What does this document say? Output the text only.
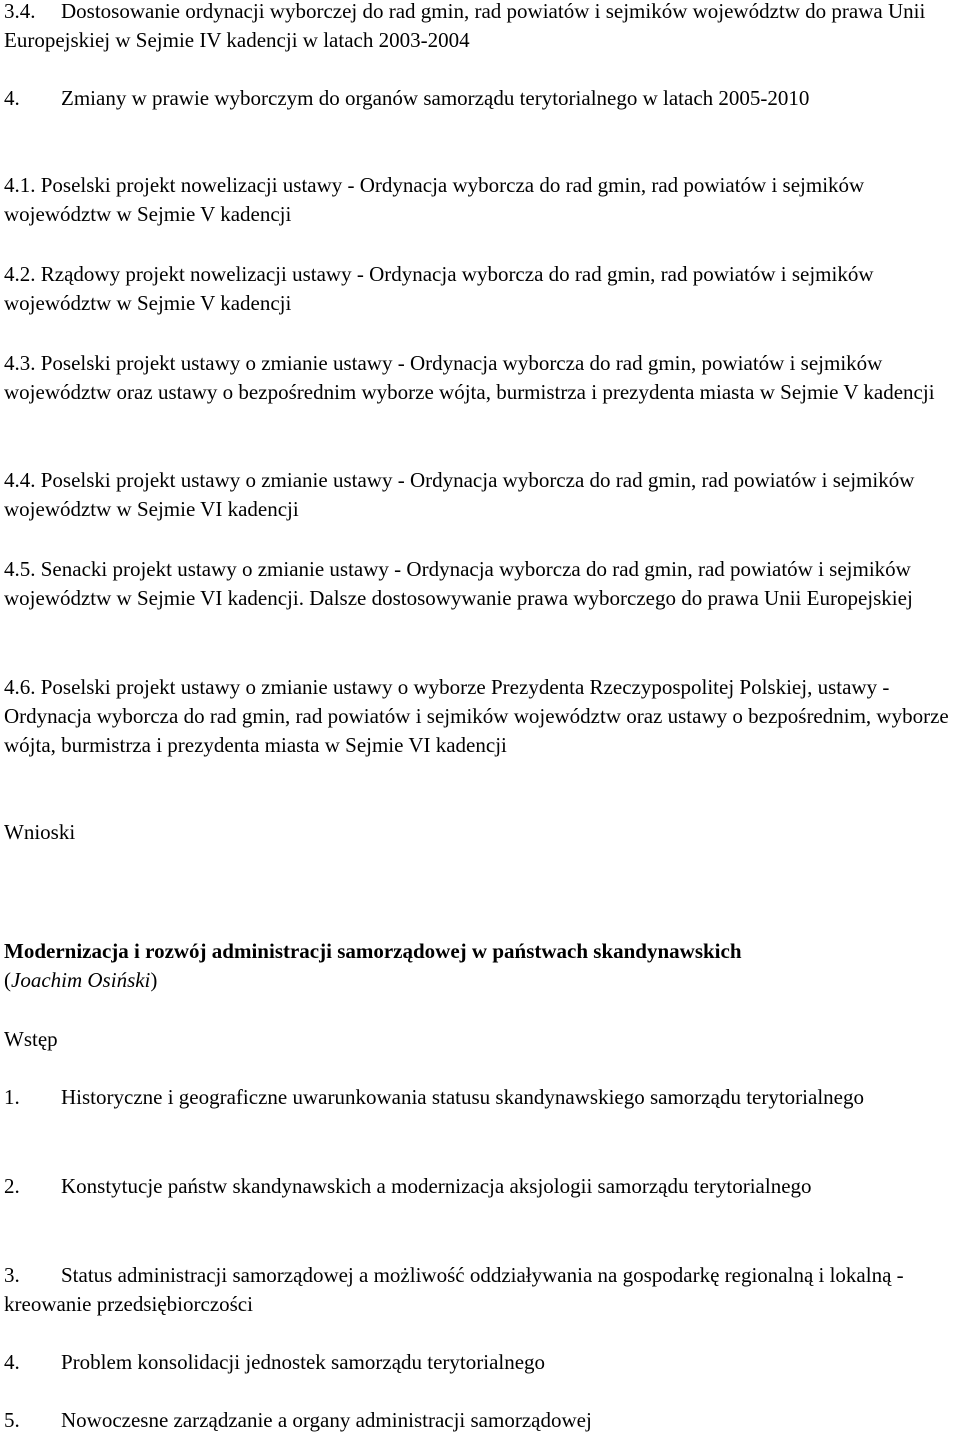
3.4. Dostosowanie ordynacji wyborczej do rad gmin, rad powiatów i sejmików województw do prawa Unii Europejskiej w Sejmie IV kadencji w latach 2003-2004

4. Zmiany w prawie wyborczym do organów samorządu terytorialnego w latach 2005-2010

4.1. Poselski projekt nowelizacji ustawy - Ordynacja wyborcza do rad gmin, rad powiatów i sejmików województw w Sejmie V kadencji

4.2. Rządowy projekt nowelizacji ustawy - Ordynacja wyborcza do rad gmin, rad powiatów i sejmików województw w Sejmie V kadencji

4.3. Poselski projekt ustawy o zmianie ustawy - Ordynacja wyborcza do rad gmin, powiatów i sejmików województw oraz ustawy o bezpośrednim wyborze wójta, burmistrza i prezydenta miasta w Sejmie V kadencji

4.4. Poselski projekt ustawy o zmianie ustawy - Ordynacja wyborcza do rad gmin, rad powiatów i sejmików województw w Sejmie VI kadencji

4.5. Senacki projekt ustawy o zmianie ustawy - Ordynacja wyborcza do rad gmin, rad powiatów i sejmików województw w Sejmie VI kadencji. Dalsze dostosowywanie prawa wyborczego do prawa Unii Europejskiej

4.6. Poselski projekt ustawy o zmianie ustawy o wyborze Prezydenta Rzeczypospolitej Polskiej, ustawy - Ordynacja wyborcza do rad gmin, rad powiatów i sejmików województw oraz ustawy o bezpośrednim, wyborze wójta, burmistrza i prezydenta miasta w Sejmie VI kadencji

Wnioski

Modernizacja i rozwój administracji samorządowej w państwach skandynawskich
(Joachim Osiński)

Wstęp

1. Historyczne i geograficzne uwarunkowania statusu skandynawskiego samorządu terytorialnego

2. Konstytucje państw skandynawskich a modernizacja aksjologii samorządu terytorialnego

3. Status administracji samorządowej a możliwość oddziaływania na gospodarkę regionalną i lokalną - kreowanie przedsiębiorczości

4. Problem konsolidacji jednostek samorządu terytorialnego

5. Nowoczesne zarządzanie a organy administracji samorządowej
